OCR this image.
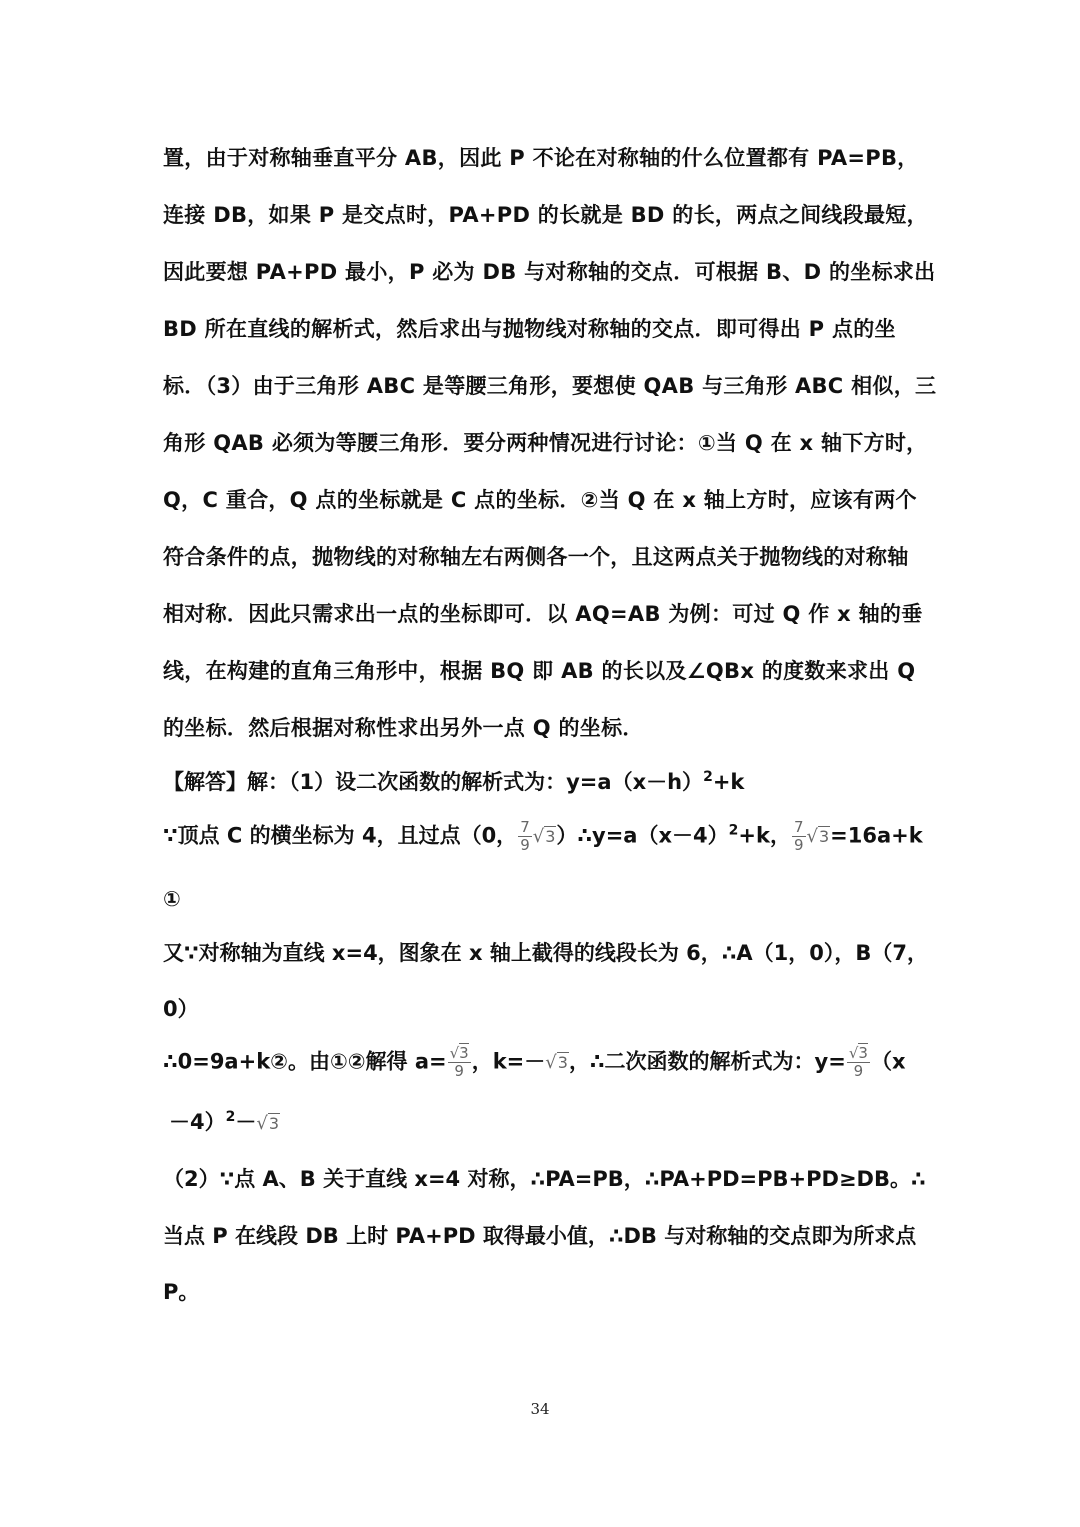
置，由于对称轴垂直平分 AB，因此 P 不论在对称轴的什么位置都有 PA=PB，
连接 DB，如果 P 是交点时，PA+PD 的长就是 BD 的长，两点之间线段最短，
因此要想 PA+PD 最小，P 必为 DB 与对称轴的交点．可根据 B、D 的坐标求出
BD 所在直线的解析式，然后求出与抛物线对称轴的交点．即可得出 P 点的坐
标．（3）由于三角形 ABC 是等腰三角形，要想使 QAB 与三角形 ABC 相似，三
角形 QAB 必须为等腰三角形．要分两种情况进行讨论：①当 Q 在 x 轴下方时，
Q，C 重合，Q 点的坐标就是 C 点的坐标．②当 Q 在 x 轴上方时，应该有两个
符合条件的点，抛物线的对称轴左右两侧各一个，且这两点关于抛物线的对称轴
相对称．因此只需求出一点的坐标即可．以 AQ=AB 为例：可过 Q 作 x 轴的垂
线，在构建的直角三角形中，根据 BQ 即 AB 的长以及∠QBx 的度数来求出 Q
的坐标．然后根据对称性求出另外一点 Q 的坐标．
【解答】解：（1）设二次函数的解析式为：$y=a(x-h)^2+k$
∵顶点 C 的横坐标为 4，且过点（0， $\frac{7}{9}$ $√3)\therefore y=a(x-4)^2+k$， $\frac{7}{9} √3=16a+k$
①
又∵对称轴为直线 x=4，图象在 x 轴上截得的线段长为 6，∴A（1，0），B（7，
0）
∴0=9a+k②。由①②解得 $a= \frac{√3}{9}$ ，k=－√3，∴二次函数的解析式为：$y= \frac{√3}{9} (x$
－4）$^2$－√3
（2）∵点 A、B 关于直线 x=4 对称，∴PA=PB，∴PA+PD=PB+PD≥DB。∴
当点 P 在线段 DB 上时 PA+PD 取得最小值，∴DB 与对称轴的交点即为所求点
P。
34
